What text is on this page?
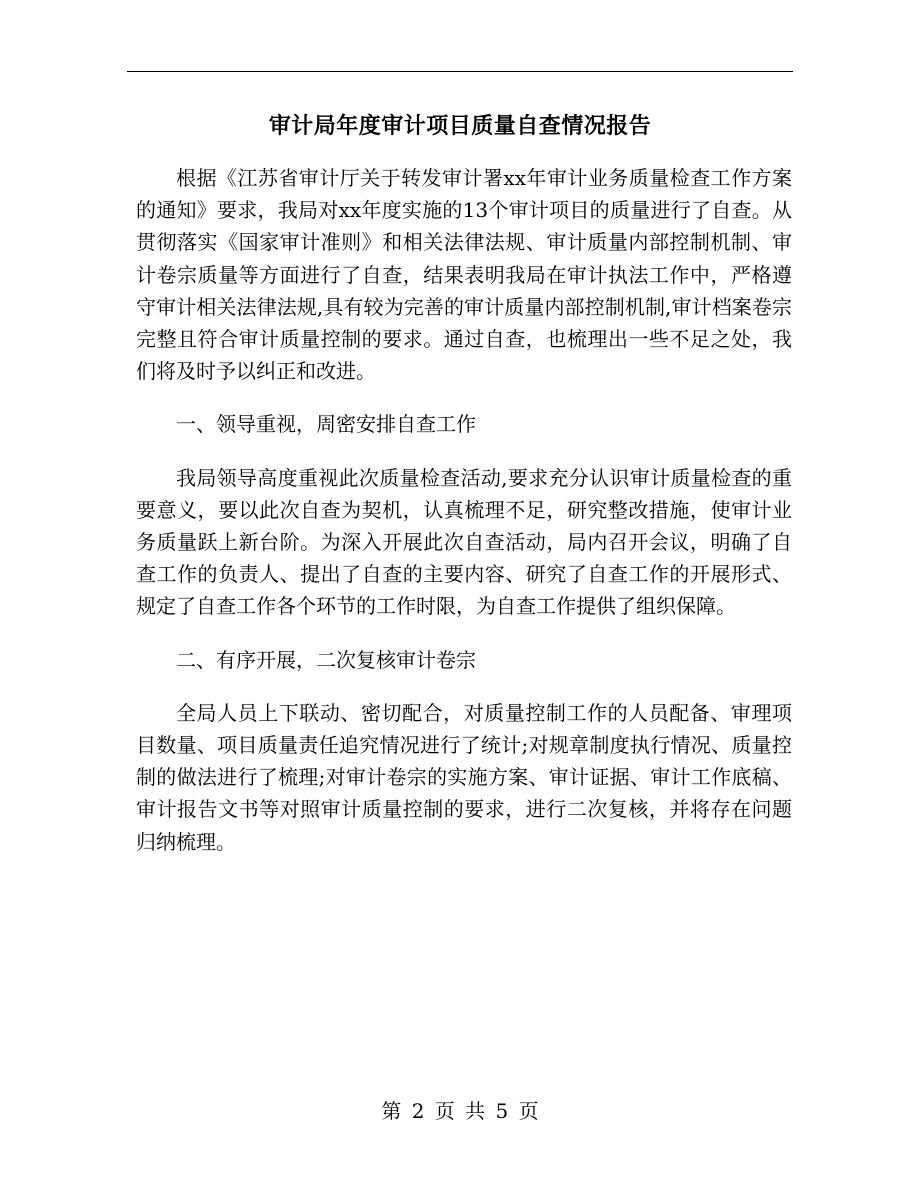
审计局年度审计项目质量自查情况报告

根据《江苏省审计厅关于转发审计署xx年审计业务质量检查工作方案的通知》要求，我局对xx年度实施的13个审计项目的质量进行了自查。从贯彻落实《国家审计准则》和相关法律法规、审计质量内部控制机制、审计卷宗质量等方面进行了自查，结果表明我局在审计执法工作中，严格遵守审计相关法律法规,具有较为完善的审计质量内部控制机制,审计档案卷宗完整且符合审计质量控制的要求。通过自查，也梳理出一些不足之处，我们将及时予以纠正和改进。

一、领导重视，周密安排自查工作

我局领导高度重视此次质量检查活动,要求充分认识审计质量检查的重要意义，要以此次自查为契机，认真梳理不足，研究整改措施，使审计业务质量跃上新台阶。为深入开展此次自查活动，局内召开会议，明确了自查工作的负责人、提出了自查的主要内容、研究了自查工作的开展形式、规定了自查工作各个环节的工作时限，为自查工作提供了组织保障。

二、有序开展，二次复核审计卷宗

全局人员上下联动、密切配合，对质量控制工作的人员配备、审理项目数量、项目质量责任追究情况进行了统计;对规章制度执行情况、质量控制的做法进行了梳理;对审计卷宗的实施方案、审计证据、审计工作底稿、审计报告文书等对照审计质量控制的要求，进行二次复核，并将存在问题归纳梳理。

第 2 页 共 5 页
